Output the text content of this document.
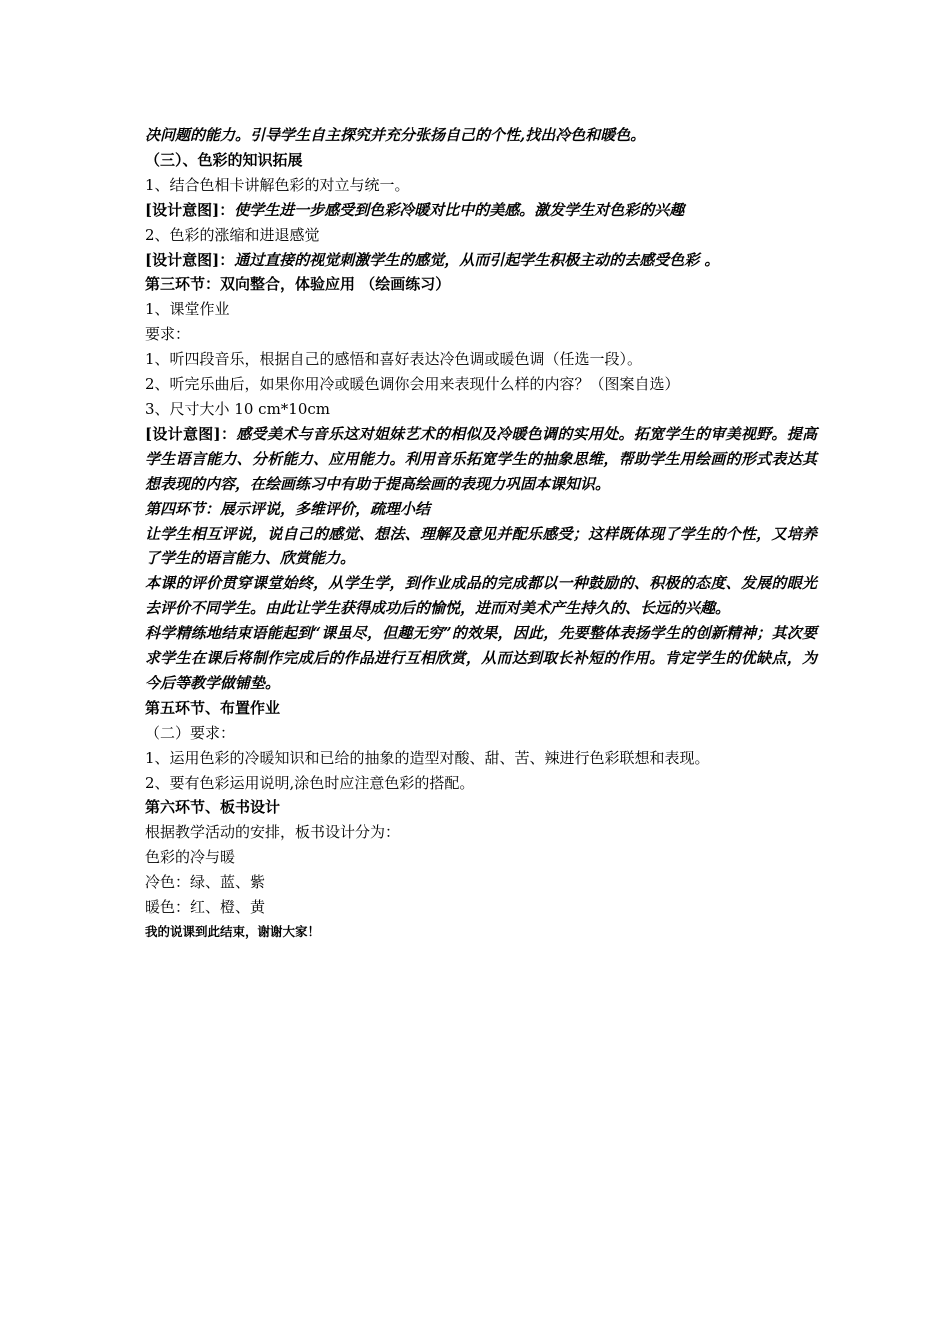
决问题的能力。引导学生自主探究并充分张扬自己的个性,找出冷色和暖色。
（三）、色彩的知识拓展
1、结合色相卡讲解色彩的对立与统一。
[设计意图]：使学生进一步感受到色彩冷暖对比中的美感。激发学生对色彩的兴趣
2、色彩的涨缩和进退感觉
[设计意图]：通过直接的视觉刺激学生的感觉，从而引起学生积极主动的去感受色彩 。
第三环节：双向整合，体验应用 （绘画练习）
1、课堂作业
要求：
1、听四段音乐，根据自己的感悟和喜好表达冷色调或暖色调（任选一段）。
2、听完乐曲后，如果你用冷或暖色调你会用来表现什么样的内容？（图案自选）
3、尺寸大小 10 cm*10cm
[设计意图]：感受美术与音乐这对姐妹艺术的相似及冷暖色调的实用处。拓宽学生的审美视野。提高学生语言能力、分析能力、应用能力。利用音乐拓宽学生的抽象思维，帮助学生用绘画的形式表达其想表现的内容，在绘画练习中有助于提高绘画的表现力巩固本课知识。
第四环节：展示评说，多维评价，疏理小结
让学生相互评说，说自己的感觉、想法、理解及意见并配乐感受；这样既体现了学生的个性，又培养了学生的语言能力、欣赏能力。
本课的评价贯穿课堂始终，从学生学，到作业成品的完成都以一种鼓励的、积极的态度、发展的眼光去评价不同学生。由此让学生获得成功后的愉悦，进而对美术产生持久的、长远的兴趣。
科学精练地结束语能起到“课虽尽，但趣无穷”的效果，因此，先要整体表扬学生的创新精神；其次要求学生在课后将制作完成后的作品进行互相欣赏，从而达到取长补短的作用。肯定学生的优缺点，为今后等教学做铺垫。
第五环节、布置作业
（二）要求：
1、运用色彩的冷暖知识和已给的抽象的造型对酸、甜、苦、辣进行色彩联想和表现。
2、要有色彩运用说明,涂色时应注意色彩的搭配。
第六环节、板书设计
根据教学活动的安排，板书设计分为：
色彩的冷与暖
冷色：绿、蓝、紫
暖色：红、橙、黄
我的说课到此结束，谢谢大家！
